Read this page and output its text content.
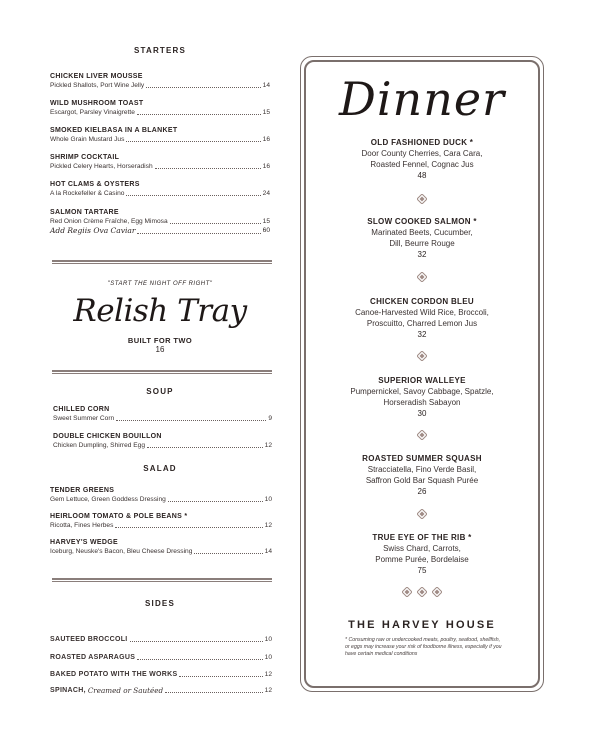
STARTERS
CHICKEN LIVER MOUSSE
Pickled Shallots, Port Wine Jelly	14
WILD MUSHROOM TOAST
Escargot, Parsley Vinaigrette	15
SMOKED KIELBASA IN A BLANKET
Whole Grain Mustard Jus	16
SHRIMP COCKTAIL
Pickled Celery Hearts, Horseradish	16
HOT CLAMS & OYSTERS
A la Rockefeller & Casino	24
SALMON TARTARE
Red Onion Crème Fraîche, Egg Mimosa	15
Add Regiis Ova Caviar	60
"START THE NIGHT OFF RIGHT"
Relish Tray
BUILT FOR TWO
16
SOUP
CHILLED CORN
Sweet Summer Corn	9
DOUBLE CHICKEN BOUILLON
Chicken Dumpling, Shirred Egg	12
SALAD
TENDER GREENS
Gem Lettuce, Green Goddess Dressing	10
HEIRLOOM TOMATO & POLE BEANS *
Ricotta, Fines Herbes	12
HARVEY'S WEDGE
Iceburg, Neuske's Bacon, Bleu Cheese Dressing	14
SIDES
SAUTEED BROCCOLI	10
ROASTED ASPARAGUS	10
BAKED POTATO WITH THE WORKS	12
SPINACH,
Creamed or Sautéed	12
Dinner
OLD FASHIONED DUCK *
Door County Cherries, Cara Cara,
Roasted Fennel, Cognac Jus
48
SLOW COOKED SALMON *
Marinated Beets, Cucumber,
Dill, Beurre Rouge
32
CHICKEN CORDON BLEU
Canoe-Harvested Wild Rice, Broccoli,
Proscuitto, Charred Lemon Jus
32
SUPERIOR WALLEYE
Pumpernickel, Savoy Cabbage, Spatzle,
Horseradish Sabayon
30
ROASTED SUMMER SQUASH
Stracciatella, Fino Verde Basil,
Saffron Gold Bar Squash Purée
26
TRUE EYE OF THE RIB *
Swiss Chard, Carrots,
Pomme Purée, Bordelaise
75
THE HARVEY HOUSE
* Consuming raw or undercooked meats, poultry, seafood, shellfish, or eggs may increase your risk of foodborne illness, especially if you have certain medical conditions
